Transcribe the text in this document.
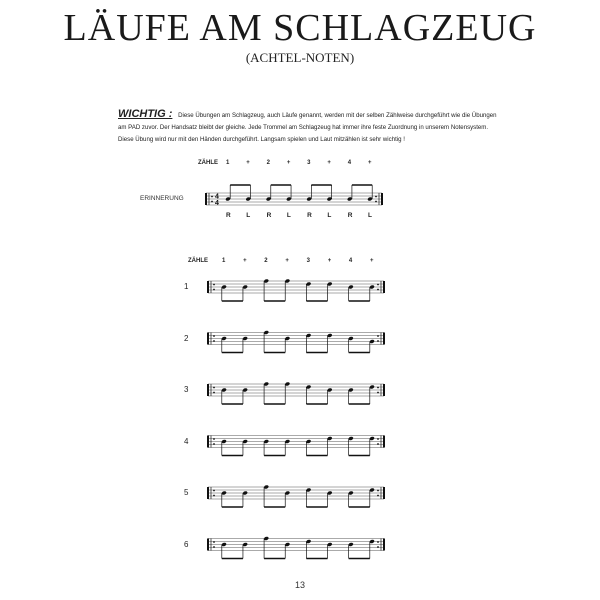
LÄUFE AM SCHLAGZEUG
(ACHTEL-NOTEN)
WICHTIG : Diese Übungen am Schlagzeug, auch Läufe genannt, werden mit der selben Zählweise durchgeführt wie die Übungen am PAD zuvor. Der Handsatz bleibt der gleiche. Jede Trommel am Schlagzeug hat immer ihre feste Zuordnung in unserem Notensystem. Diese Übung wird nur mit den Händen durchgeführt. Langsam spielen und Laut mitzählen ist sehr wichtig !
ZÄHLE 1	+	2	+	3	+	4	+
ERINNERUNG
R L	R L	R L	R L
ZÄHLE 1	+	2	+	3	+	4	+
1
2
3
4
5
6
4
4
13
